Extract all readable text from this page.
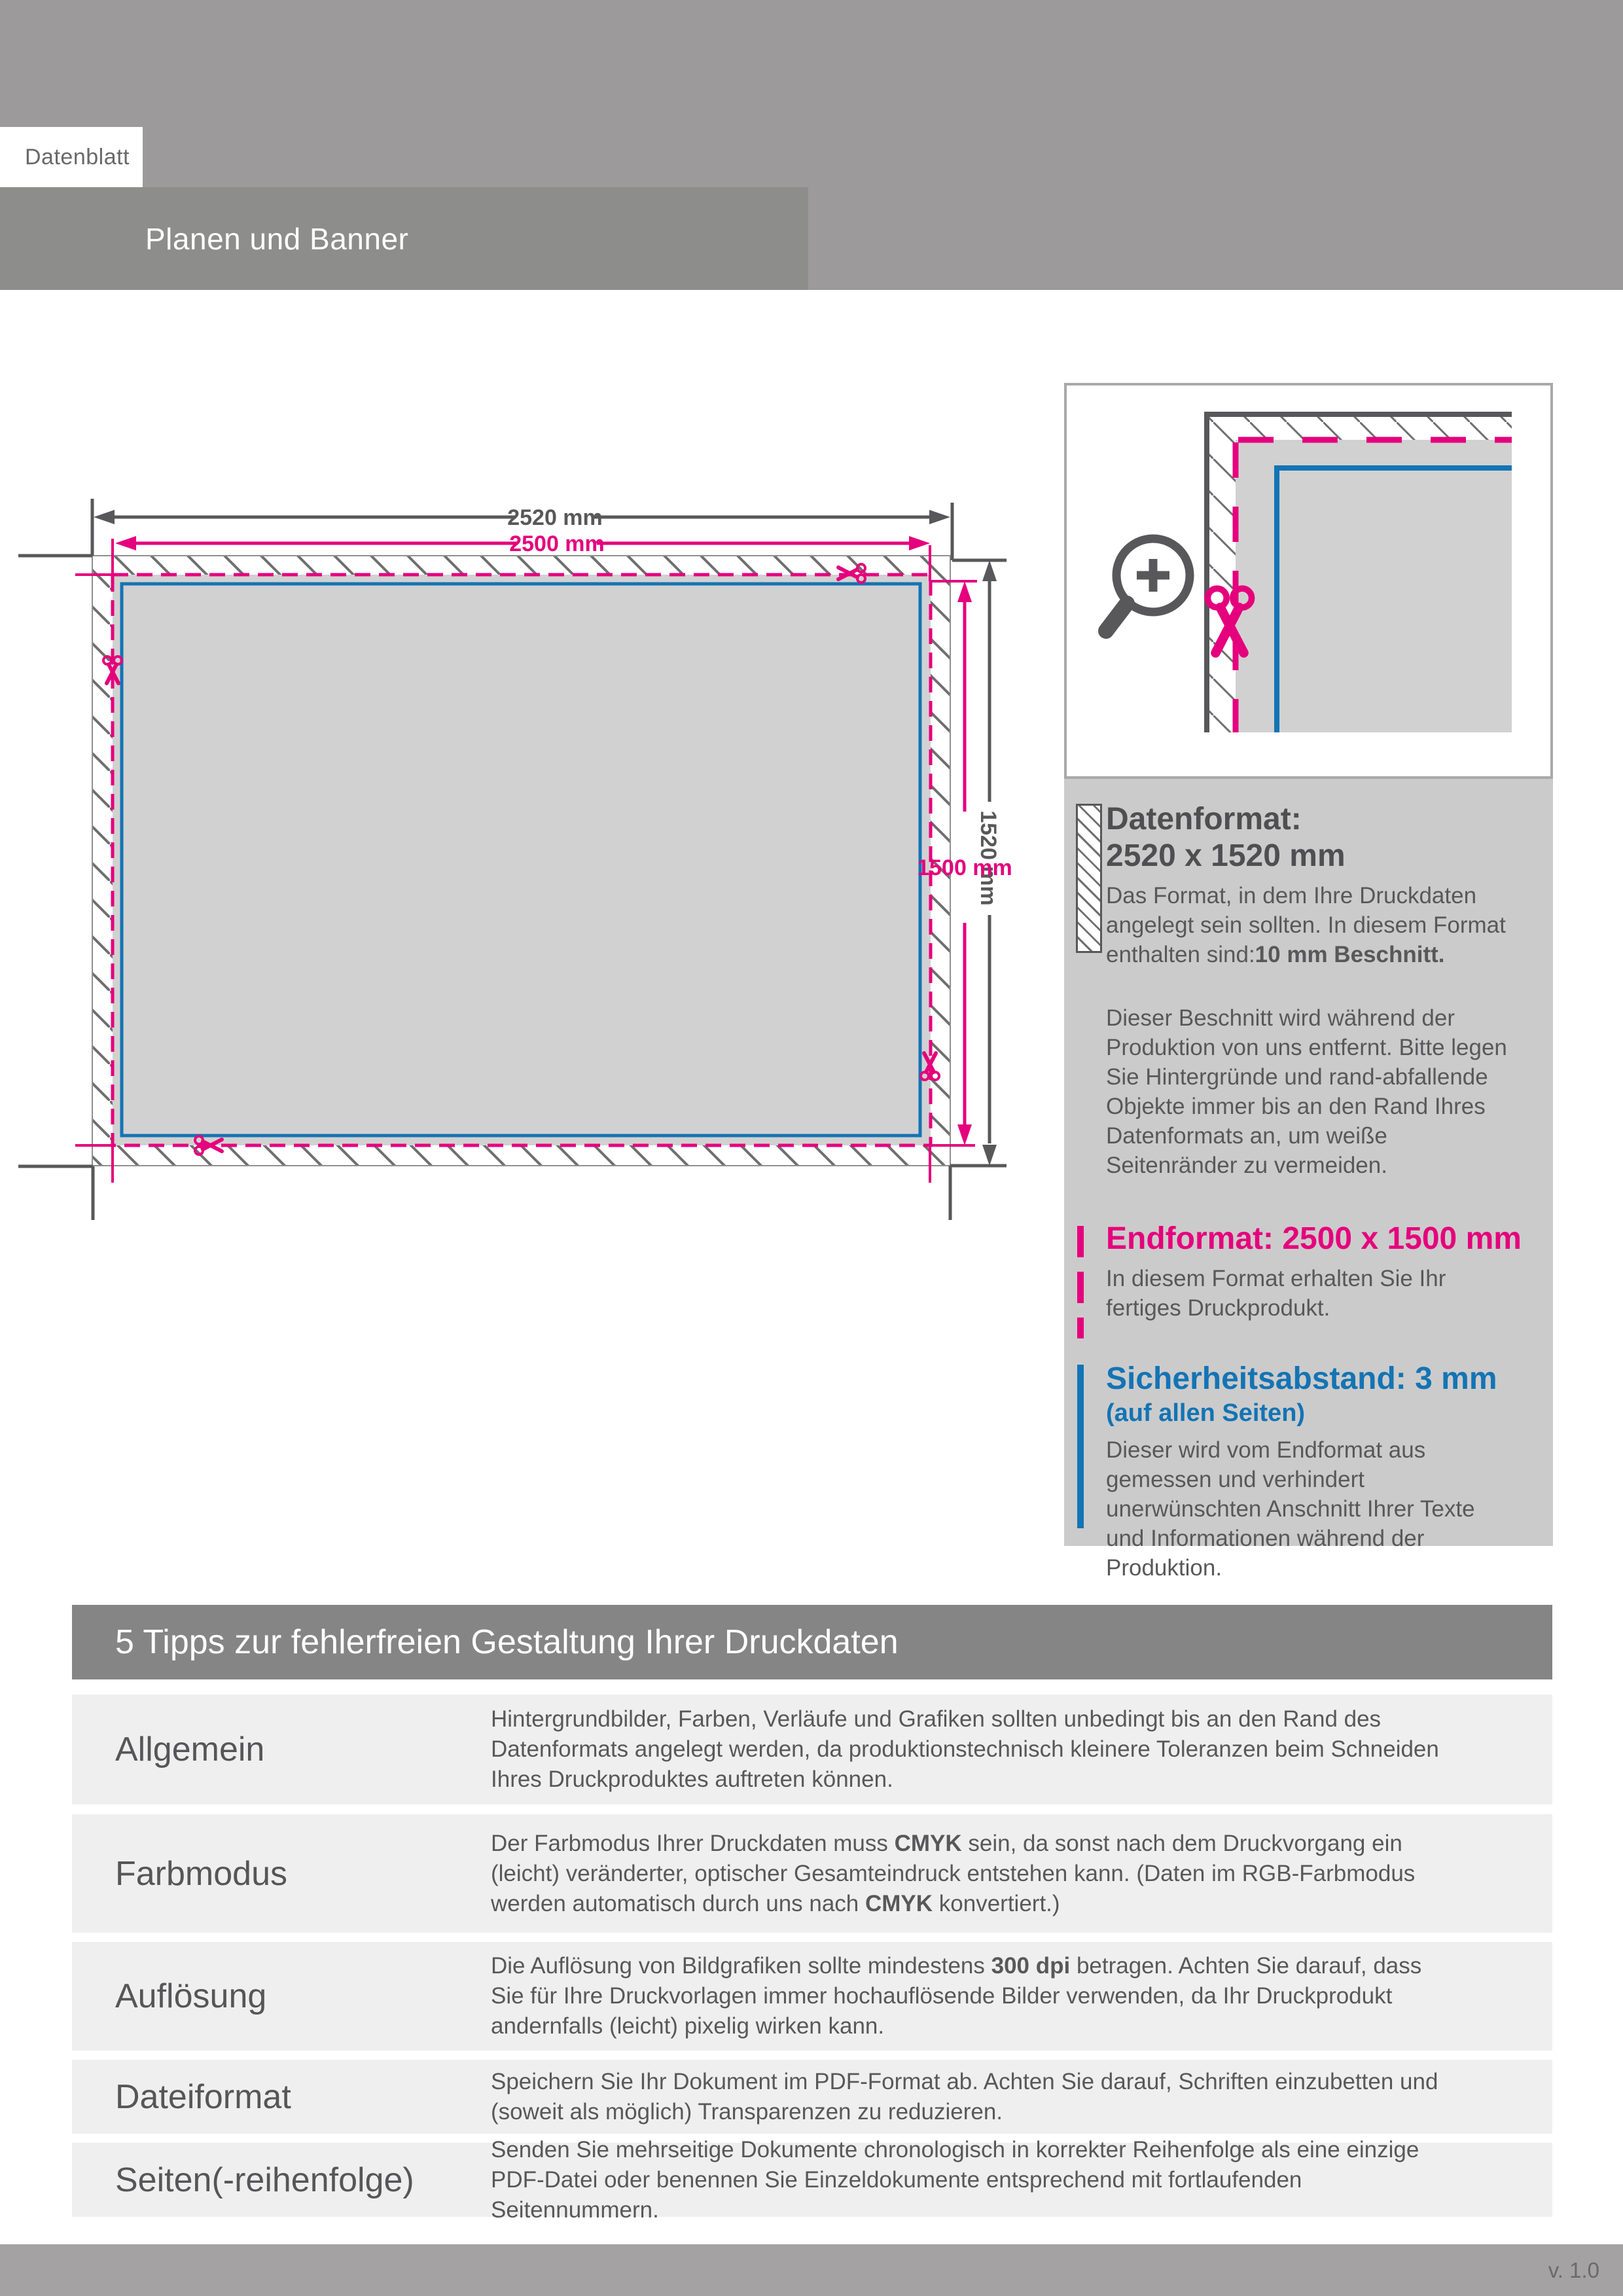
Datenblatt
Planen und Banner
2520 mm
2500 mm
1520 mm
1500 mm
Datenformat:
2520 x 1520 mm
Das Format, in dem Ihre Druckdaten angelegt sein sollten. In diesem Format enthalten sind:10 mm Beschnitt.
Dieser Beschnitt wird während der Produktion von uns entfernt. Bitte legen Sie Hintergründe und rand-abfallende Objekte immer bis an den Rand Ihres Datenformats an, um weiße Seitenränder zu vermeiden.
Endformat: 2500 x 1500 mm
In diesem Format erhalten Sie Ihr fertiges Druckprodukt.
Sicherheitsabstand: 3 mm
(auf allen Seiten)
Dieser wird vom Endformat aus gemessen und verhindert unerwünschten Anschnitt Ihrer Texte und Informationen während der Produktion.
5 Tipps zur fehlerfreien Gestaltung Ihrer Druckdaten
Allgemein
Hintergrundbilder, Farben, Verläufe und Grafiken sollten unbedingt bis an den Rand des Datenformats angelegt werden, da produktionstechnisch kleinere Toleranzen beim Schneiden Ihres Druckproduktes auftreten können.
Farbmodus
Der Farbmodus Ihrer Druckdaten muss CMYK sein, da sonst nach dem Druckvorgang ein (leicht) veränderter, optischer Gesamteindruck entstehen kann. (Daten im RGB-Farbmodus werden automatisch durch uns nach CMYK konvertiert.)
Auflösung
Die Auflösung von Bildgrafiken sollte mindestens 300 dpi betragen. Achten Sie darauf, dass Sie für Ihre Druckvorlagen immer hochauflösende Bilder verwenden, da Ihr Druckprodukt andernfalls (leicht) pixelig wirken kann.
Dateiformat	Speichern Sie Ihr Dokument im PDF-Format ab. Achten Sie darauf, Schriften einzubetten und (soweit als möglich) Transparenzen zu reduzieren.
Seiten(-reihenfolge)
Senden Sie mehrseitige Dokumente chronologisch in korrekter Reihenfolge als eine einzige PDF-Datei oder benennen Sie Einzeldokumente entsprechend mit fortlaufenden Seitennummern.
v. 1.0
